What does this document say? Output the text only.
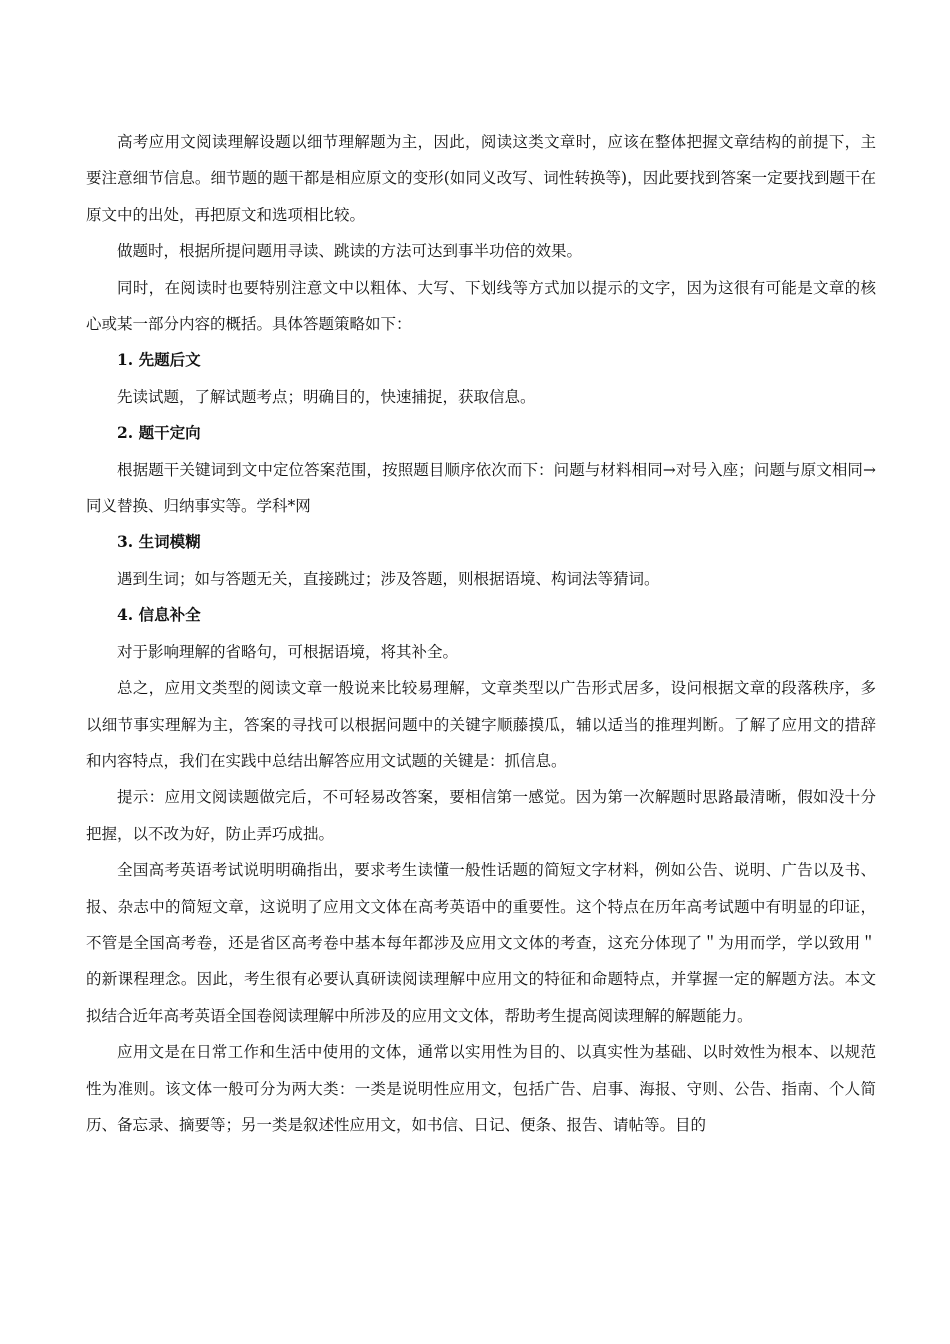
高考应用文阅读理解设题以细节理解题为主，因此，阅读这类文章时，应该在整体把握文章结构的前提下，主要注意细节信息。细节题的题干都是相应原文的变形(如同义改写、词性转换等)，因此要找到答案一定要找到题干在原文中的出处，再把原文和选项相比较。

做题时，根据所提问题用寻读、跳读的方法可达到事半功倍的效果。

同时，在阅读时也要特别注意文中以粗体、大写、下划线等方式加以提示的文字，因为这很有可能是文章的核心或某一部分内容的概括。具体答题策略如下：

1. 先题后文

先读试题，了解试题考点；明确目的，快速捕捉，获取信息。

2. 题干定向

根据题干关键词到文中定位答案范围，按照题目顺序依次而下：问题与材料相同→对号入座；问题与原文相同→同义替换、归纳事实等。学科*网

3. 生词模糊

遇到生词；如与答题无关，直接跳过；涉及答题，则根据语境、构词法等猜词。

4. 信息补全

对于影响理解的省略句，可根据语境，将其补全。

总之，应用文类型的阅读文章一般说来比较易理解，文章类型以广告形式居多，设问根据文章的段落秩序，多以细节事实理解为主，答案的寻找可以根据问题中的关键字顺藤摸瓜，辅以适当的推理判断。了解了应用文的措辞和内容特点，我们在实践中总结出解答应用文试题的关键是：抓信息。

提示：应用文阅读题做完后，不可轻易改答案，要相信第一感觉。因为第一次解题时思路最清晰，假如没十分把握，以不改为好，防止弄巧成拙。

全国高考英语考试说明明确指出，要求考生读懂一般性话题的简短文字材料，例如公告、说明、广告以及书、报、杂志中的简短文章，这说明了应用文文体在高考英语中的重要性。这个特点在历年高考试题中有明显的印证，不管是全国高考卷，还是省区高考卷中基本每年都涉及应用文文体的考查，这充分体现了＂为用而学，学以致用＂的新课程理念。因此，考生很有必要认真研读阅读理解中应用文的特征和命题特点，并掌握一定的解题方法。本文拟结合近年高考英语全国卷阅读理解中所涉及的应用文文体，帮助考生提高阅读理解的解题能力。

应用文是在日常工作和生活中使用的文体，通常以实用性为目的、以真实性为基础、以时效性为根本、以规范性为准则。该文体一般可分为两大类：一类是说明性应用文，包括广告、启事、海报、守则、公告、指南、个人简历、备忘录、摘要等；另一类是叙述性应用文，如书信、日记、便条、报告、请帖等。目的
